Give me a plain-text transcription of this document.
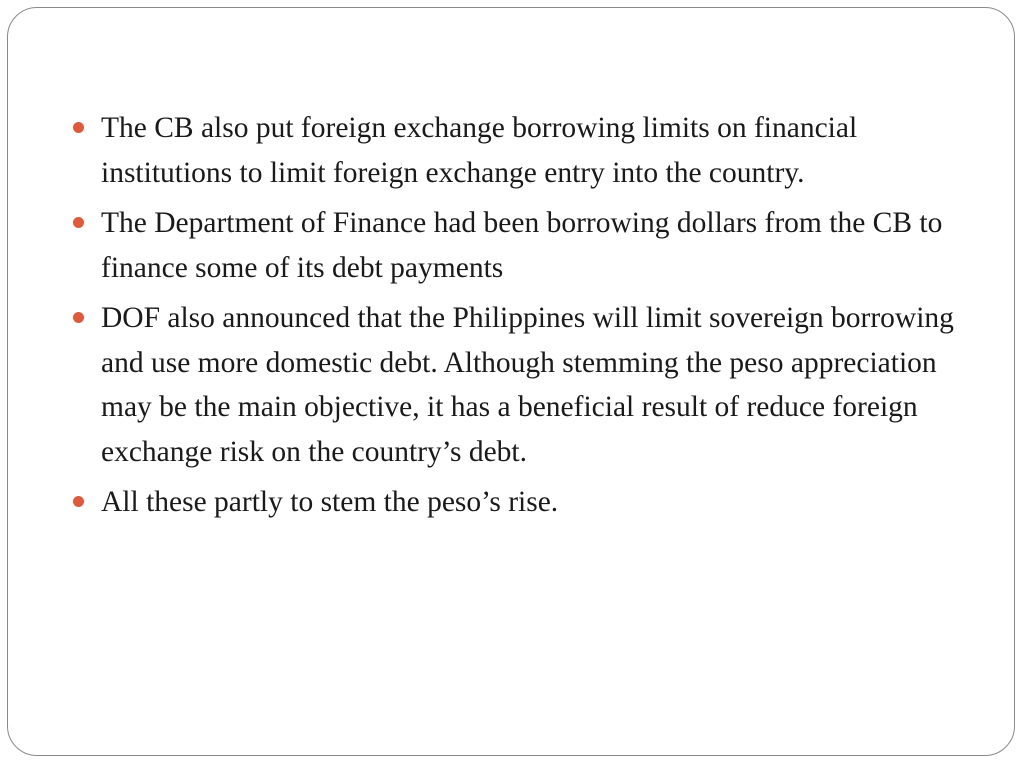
The CB also put foreign exchange borrowing limits on financial institutions to limit foreign exchange entry into the country.
The Department of Finance had been borrowing dollars from the CB to finance some of its debt payments
DOF also announced that the Philippines will limit sovereign borrowing and use more domestic debt. Although stemming the peso appreciation may be the main objective, it has a beneficial result of reduce foreign exchange risk on the country’s debt.
All these partly to stem the peso’s rise.
